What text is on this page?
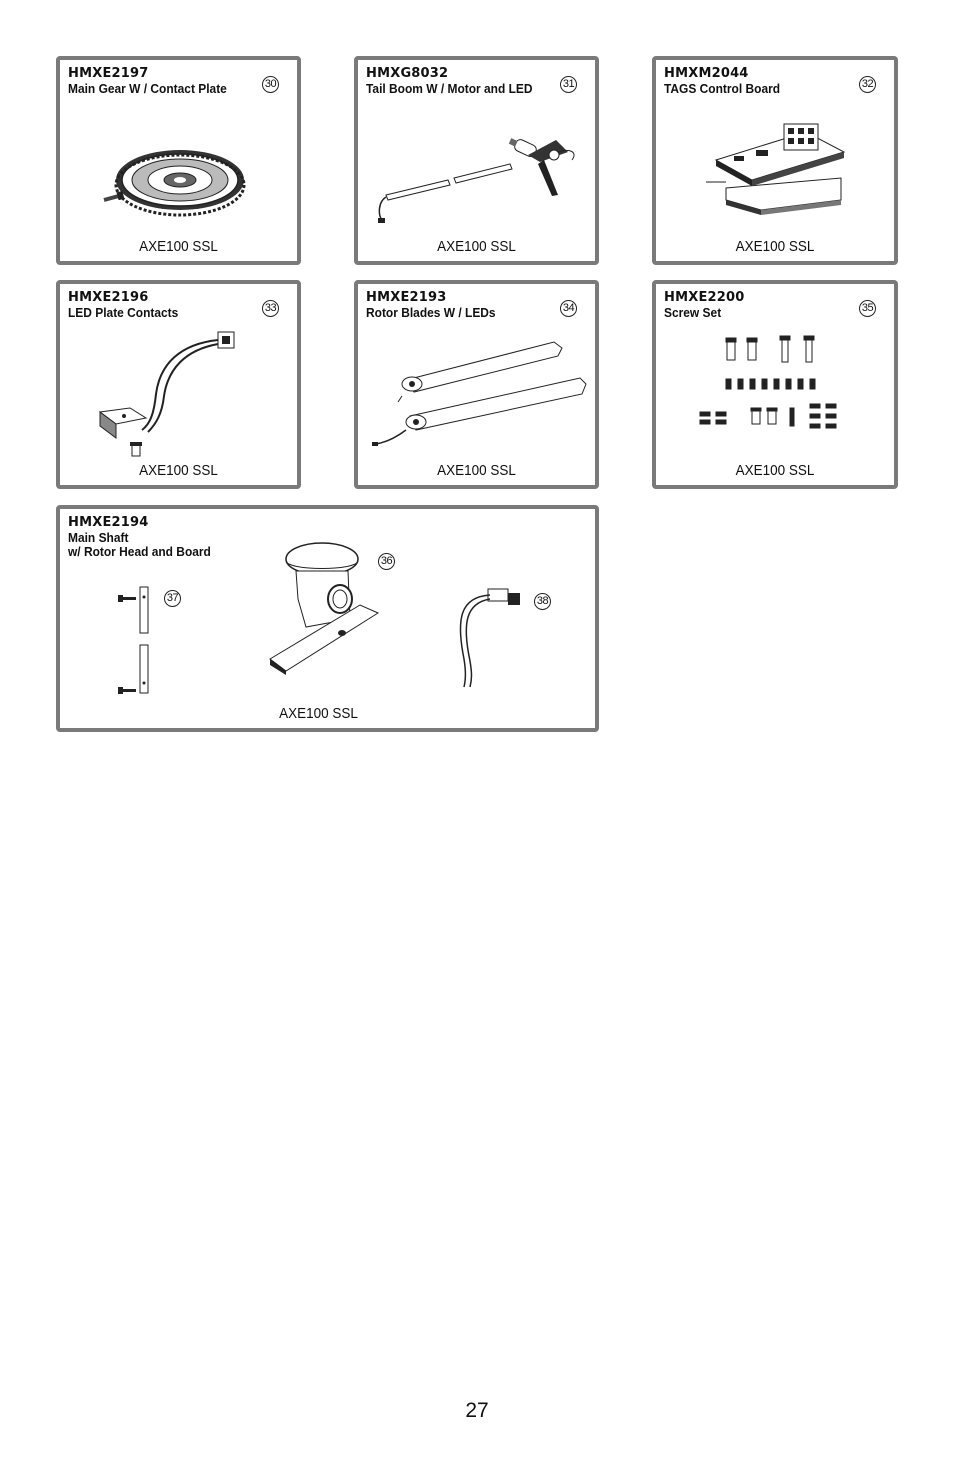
HMXE2197
Main Gear W / Contact Plate	30
AXE100 SSL
HMXG8032
Tail Boom W / Motor and LED	31
AXE100 SSL
HMXM2044
TAGS Control Board	32
AXE100 SSL
HMXE2196
LED Plate Contacts	33
AXE100 SSL
HMXE2193
Rotor Blades W / LEDs	34
AXE100 SSL
HMXE2200
Screw Set	35
AXE100 SSL
HMXE2194
Main Shaft
w/ Rotor Head and Board
36
37	38
AXE100 SSL
27
